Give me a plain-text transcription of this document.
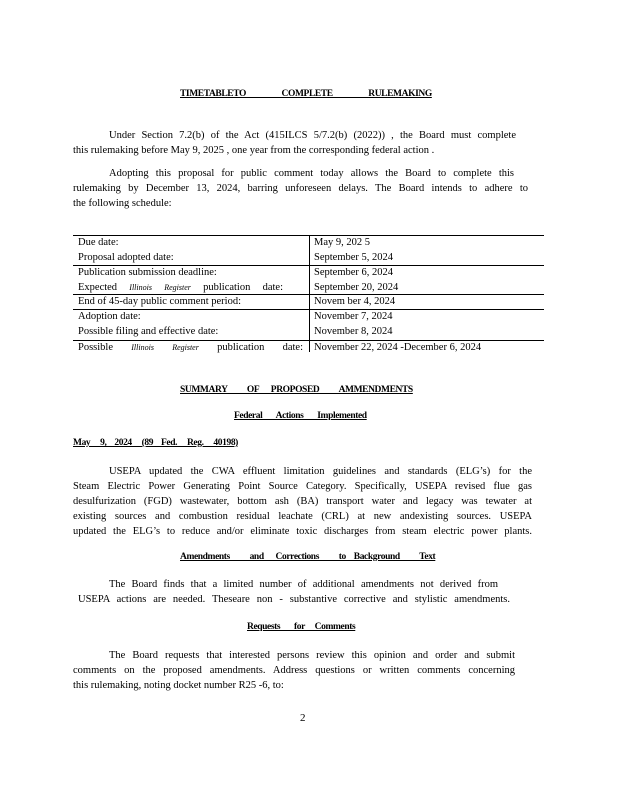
TIMETABLETO                  COMPLETE                  RULEMAKING
Under Section 7.2(b) of the Act (415ILCS 5/7.2(b) (2022)) , the Board must complete
this rulemaking before May 9, 2025 , one year from the corresponding federal action .
Adopting this proposal for public comment today allows the Board to complete this
rulemaking by December 13, 2024, barring unforeseen delays. The Board intends to adhere to
the following schedule:
Due date:
Proposal adopted date:
May 9, 202 5
September 5, 2024
Publication submission deadline:
Expected Illinois Register publication date:
September 6, 2024
September 20, 2024
End of 45-day public comment period:	Novem ber 4, 2024
Adoption date:
Possible filing and effective date:
November 7, 2024
November 8, 2024
Possible Illinois Register publication date: November 22, 2024 -December 6, 2024
SUMMARY          OF      PROPOSED          AMMENDMENTS
Federal       Actions       Implemented
May     9,    2024     (89    Fed.     Reg.     40198)
USEPA updated the CWA effluent limitation guidelines and standards (ELG’s) for the
Steam Electric Power Generating Point Source Category. Specifically, USEPA revised flue gas
desulfurization (FGD) wastewater, bottom ash (BA) transport water and legacy was tewater at
existing sources and combustion residual leachate (CRL) at new andexisting sources. USEPA
updated the ELG’s to reduce and/or eliminate toxic discharges from steam electric power plants.
Amendments          and      Corrections          to    Background          Text
The Board finds that a limited number of additional amendments not derived from
USEPA actions are needed. Theseare non - substantive corrective and stylistic amendments.
Requests       for     Comments
The Board requests that interested persons review this opinion and order and submit
comments on the proposed amendments. Address questions or written comments concerning
this rulemaking, noting docket number R25 -6, to:
2
